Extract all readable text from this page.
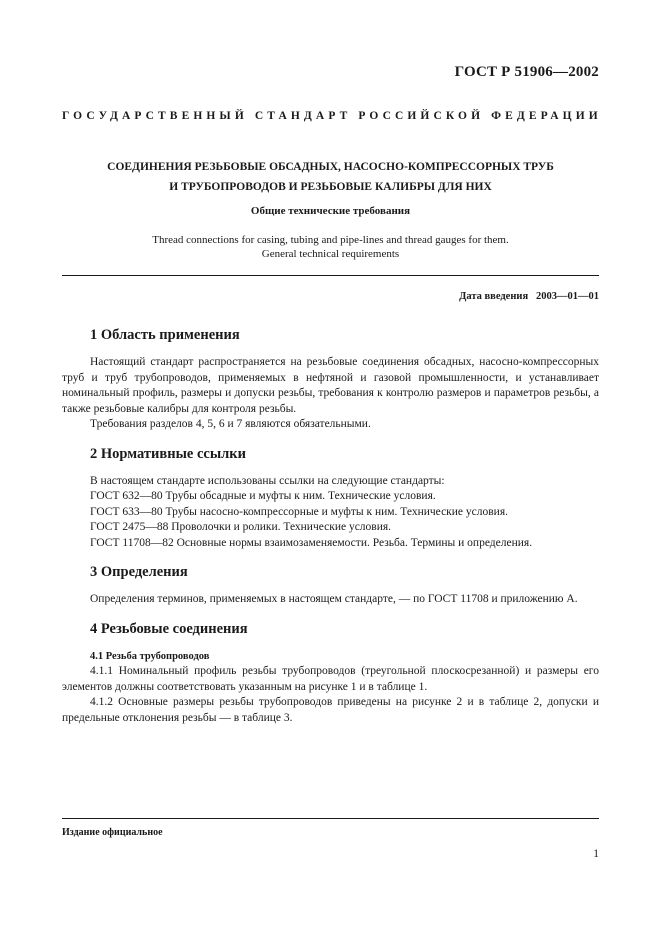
ГОСТ Р 51906—2002
ГОСУДАРСТВЕННЫЙ СТАНДАРТ РОССИЙСКОЙ ФЕДЕРАЦИИ
СОЕДИНЕНИЯ РЕЗЬБОВЫЕ ОБСАДНЫХ, НАСОСНО-КОМПРЕССОРНЫХ ТРУБ
И ТРУБОПРОВОДОВ И РЕЗЬБОВЫЕ КАЛИБРЫ ДЛЯ НИХ
Общие технические требования
Thread connections for casing, tubing and pipe-lines and thread gauges for them.
General technical requirements
Дата введения 2003—01—01
1 Область применения

Настоящий стандарт распространяется на резьбовые соединения обсадных, насосно-компрессорных труб и труб трубопроводов, применяемых в нефтяной и газовой промышленности, и устанавливает номинальный профиль, размеры и допуски резьбы, требования к контролю размеров и параметров резьбы, а также резьбовые калибры для контроля резьбы.

Требования разделов 4, 5, 6 и 7 являются обязательными.

2 Нормативные ссылки

В настоящем стандарте использованы ссылки на следующие стандарты:

ГОСТ 632—80 Трубы обсадные и муфты к ним. Технические условия.

ГОСТ 633—80 Трубы насосно-компрессорные и муфты к ним. Технические условия.

ГОСТ 2475—88 Проволочки и ролики. Технические условия.

ГОСТ 11708—82 Основные нормы взаимозаменяемости. Резьба. Термины и определения.

3 Определения

Определения терминов, применяемых в настоящем стандарте, — по ГОСТ 11708 и приложению А.

4 Резьбовые соединения
4.1 Резьба трубопроводов

4.1.1 Номинальный профиль резьбы трубопроводов (треугольной плоскосрезанной) и размеры его элементов должны соответствовать указанным на рисунке 1 и в таблице 1.

4.1.2 Основные размеры резьбы трубопроводов приведены на рисунке 2 и в таблице 2, допуски и предельные отклонения резьбы — в таблице 3.

Издание официальное
1
